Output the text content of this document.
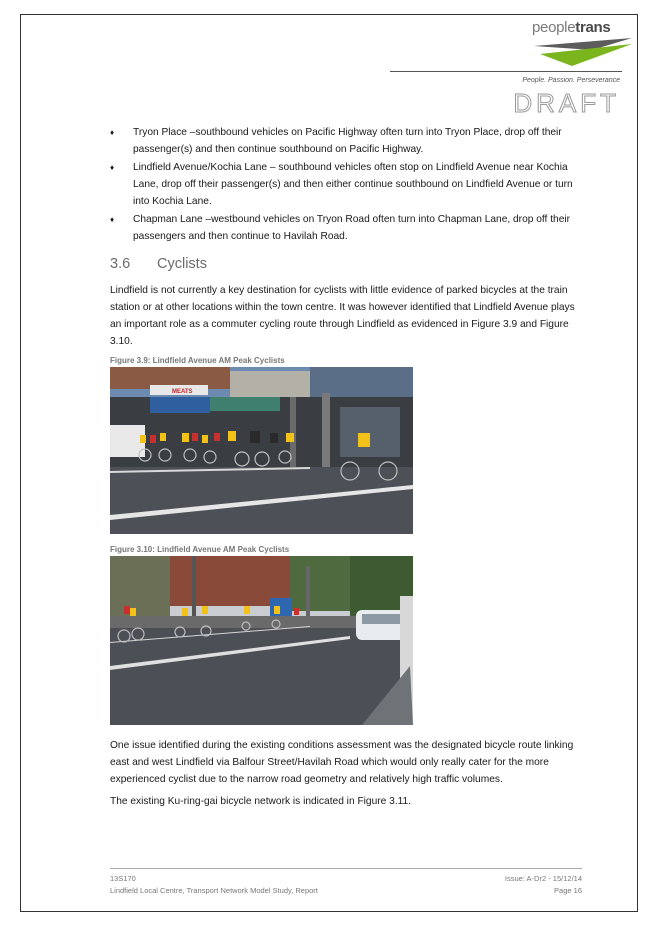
peopletrans
People. Passion. Perseverance
DRAFT
♦ Tryon Place –southbound vehicles on Pacific Highway often turn into Tryon Place, drop off their passenger(s) and then continue southbound on Pacific Highway.
♦ Lindfield Avenue/Kochia Lane – southbound vehicles often stop on Lindfield Avenue near Kochia Lane, drop off their passenger(s) and then either continue southbound on Lindfield Avenue or turn into Kochia Lane.
♦ Chapman Lane –westbound vehicles on Tryon Road often turn into Chapman Lane, drop off their passengers and then continue to Havilah Road.
3.6 Cyclists

Lindfield is not currently a key destination for cyclists with little evidence of parked bicycles at the train station or at other locations within the town centre. It was however identified that Lindfield Avenue plays an important role as a commuter cycling route through Lindfield as evidenced in Figure 3.9 and Figure 3.10.

Figure 3.9: Lindfield Avenue AM Peak Cyclists
MEATS
Figure 3.10: Lindfield Avenue AM Peak Cyclists

One issue identified during the existing conditions assessment was the designated bicycle route linking east and west Lindfield via Balfour Street/Havilah Road which would only really cater for the more experienced cyclist due to the narrow road geometry and relatively high traffic volumes.

The existing Ku-ring-gai bicycle network is indicated in Figure 3.11.

13S170
Lindfield Local Centre, Transport Network Model Study, Report
Issue: A-Dr2 - 15/12/14
Page 16
